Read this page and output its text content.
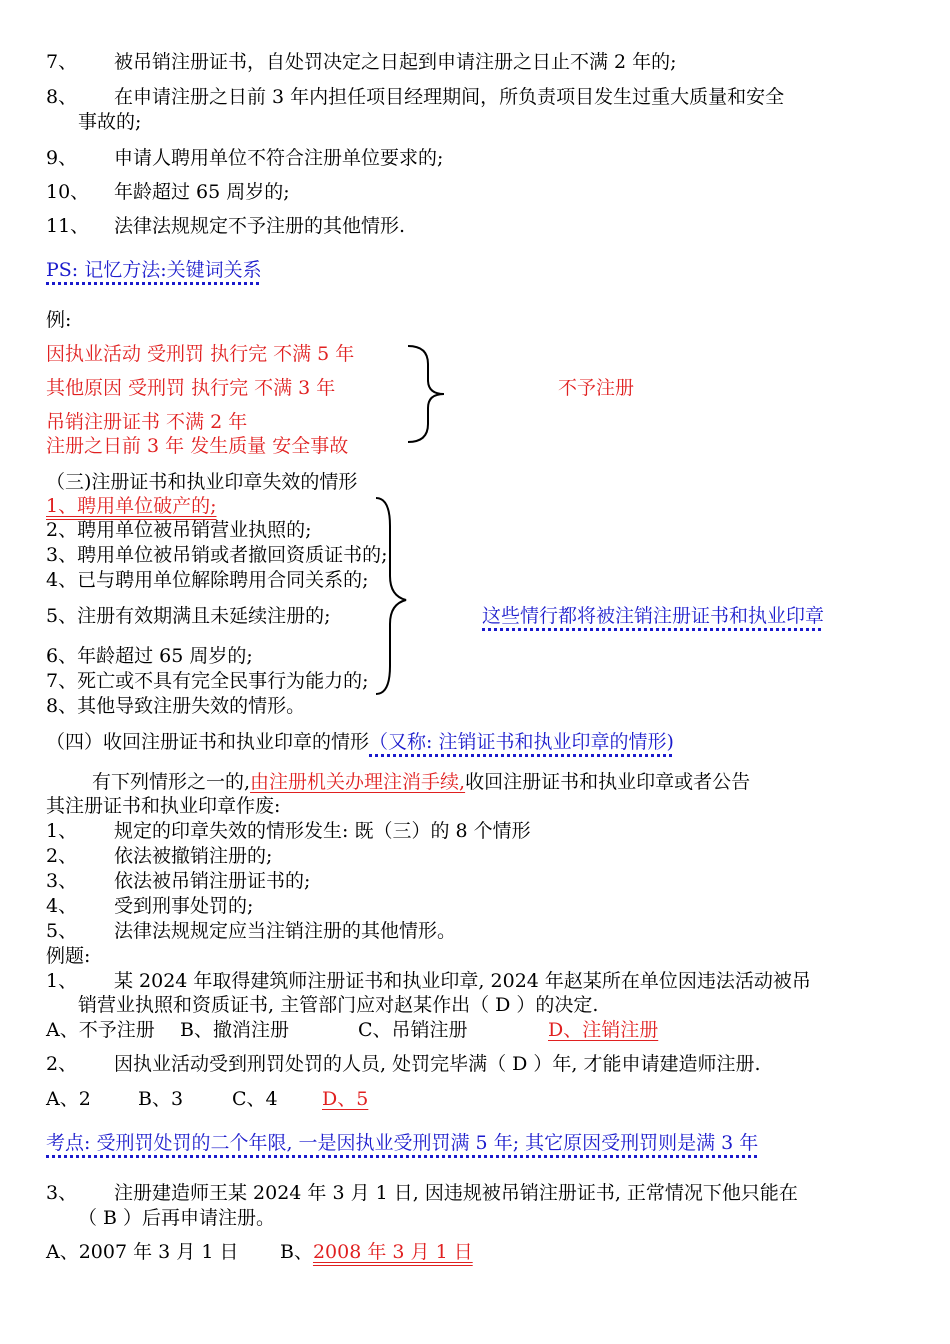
7、 被吊销注册证书，自处罚决定之日起到申请注册之日止不满 2 年的;
8、 在申请注册之日前 3 年内担任项目经理期间，所负责项目发生过重大质量和安全
事故的;
9、 申请人聘用单位不符合注册单位要求的;
10、 年龄超过 65 周岁的;
11、 法律法规规定不予注册的其他情形.
PS: 记忆方法:关键词关系
例:
因执业活动 受刑罚 执行完 不满 5 年
其他原因 受刑罚 执行完 不满 3 年
吊销注册证书 不满 2 年
注册之日前 3 年 发生质量 安全事故
不予注册
（三)注册证书和执业印章失效的情形
1、聘用单位破产的;
2、聘用单位被吊销营业执照的;
3、聘用单位被吊销或者撤回资质证书的;
4、已与聘用单位解除聘用合同关系的;
5、注册有效期满且未延续注册的;
6、年龄超过 65 周岁的;
7、死亡或不具有完全民事行为能力的;
8、其他导致注册失效的情形。
这些情行都将被注销注册证书和执业印章
（四）收回注册证书和执业印章的情形（又称: 注销证书和执业印章的情形)
有下列情形之一的,由注册机关办理注消手续,收回注册证书和执业印章或者公告
其注册证书和执业印章作废:
1、 规定的印章失效的情形发生: 既（三）的 8 个情形
2、 依法被撤销注册的;
3、 依法被吊销注册证书的;
4、 受到刑事处罚的;
5、 法律法规规定应当注销注册的其他情形。
例题:
1、 某 2024 年取得建筑师注册证书和执业印章, 2024 年赵某所在单位因违法活动被吊
销营业执照和资质证书, 主管部门应对赵某作出（ D ）的决定.
A、不予注册 B、撤消注册	C、吊销注册	D、注销注册
2、 因执业活动受到刑罚处罚的人员, 处罚完毕满（ D ）年, 才能申请建造师注册.
A、2 B、3	C、4 D、5
考点: 受刑罚处罚的二个年限, 一是因执业受刑罚满 5 年; 其它原因受刑罚则是满 3 年
3、 注册建造师王某 2024 年 3 月 1 日, 因违规被吊销注册证书, 正常情况下他只能在
（ B ）后再申请注册。
A、2007 年 3 月 1 日 B、2008 年 3 月 1 日
